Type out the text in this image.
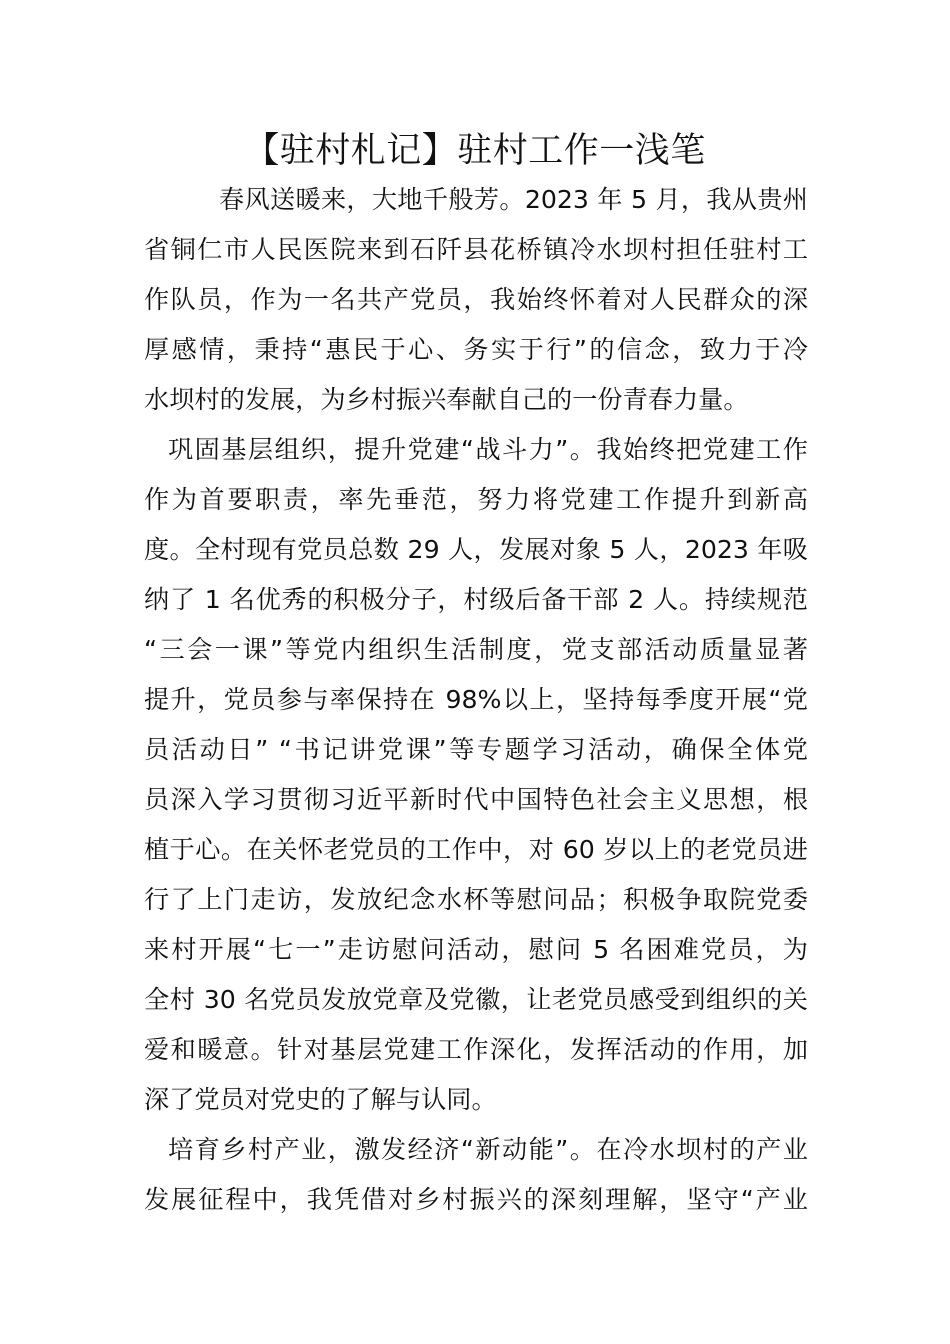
【驻村札记】驻村工作一浅笔

春风送暖来，大地千般芳。2023 年 5 月，我从贵州

省铜仁市人民医院来到石阡县花桥镇冷水坝村担任驻村工

作队员，作为一名共产党员，我始终怀着对人民群众的深

厚感情，秉持“惠民于心、务实于行”的信念，致力于冷

水坝村的发展，为乡村振兴奉献自己的一份青春力量。

巩固基层组织，提升党建“战斗力”。我始终把党建工作

作为首要职责，率先垂范，努力将党建工作提升到新高

度。全村现有党员总数 29 人，发展对象 5 人，2023 年吸

纳了 1 名优秀的积极分子，村级后备干部 2 人。持续规范

“三会一课”等党内组织生活制度，党支部活动质量显著

提升，党员参与率保持在 98%以上，坚持每季度开展“党

员活动日” “书记讲党课”等专题学习活动，确保全体党

员深入学习贯彻习近平新时代中国特色社会主义思想，根

植于心。在关怀老党员的工作中，对 60 岁以上的老党员进

行了上门走访，发放纪念水杯等慰问品；积极争取院党委

来村开展“七一”走访慰问活动，慰问 5 名困难党员，为

全村 30 名党员发放党章及党徽，让老党员感受到组织的关

爱和暖意。针对基层党建工作深化，发挥活动的作用，加

深了党员对党史的了解与认同。

培育乡村产业，激发经济“新动能”。在冷水坝村的产业

发展征程中，我凭借对乡村振兴的深刻理解，坚守“产业
